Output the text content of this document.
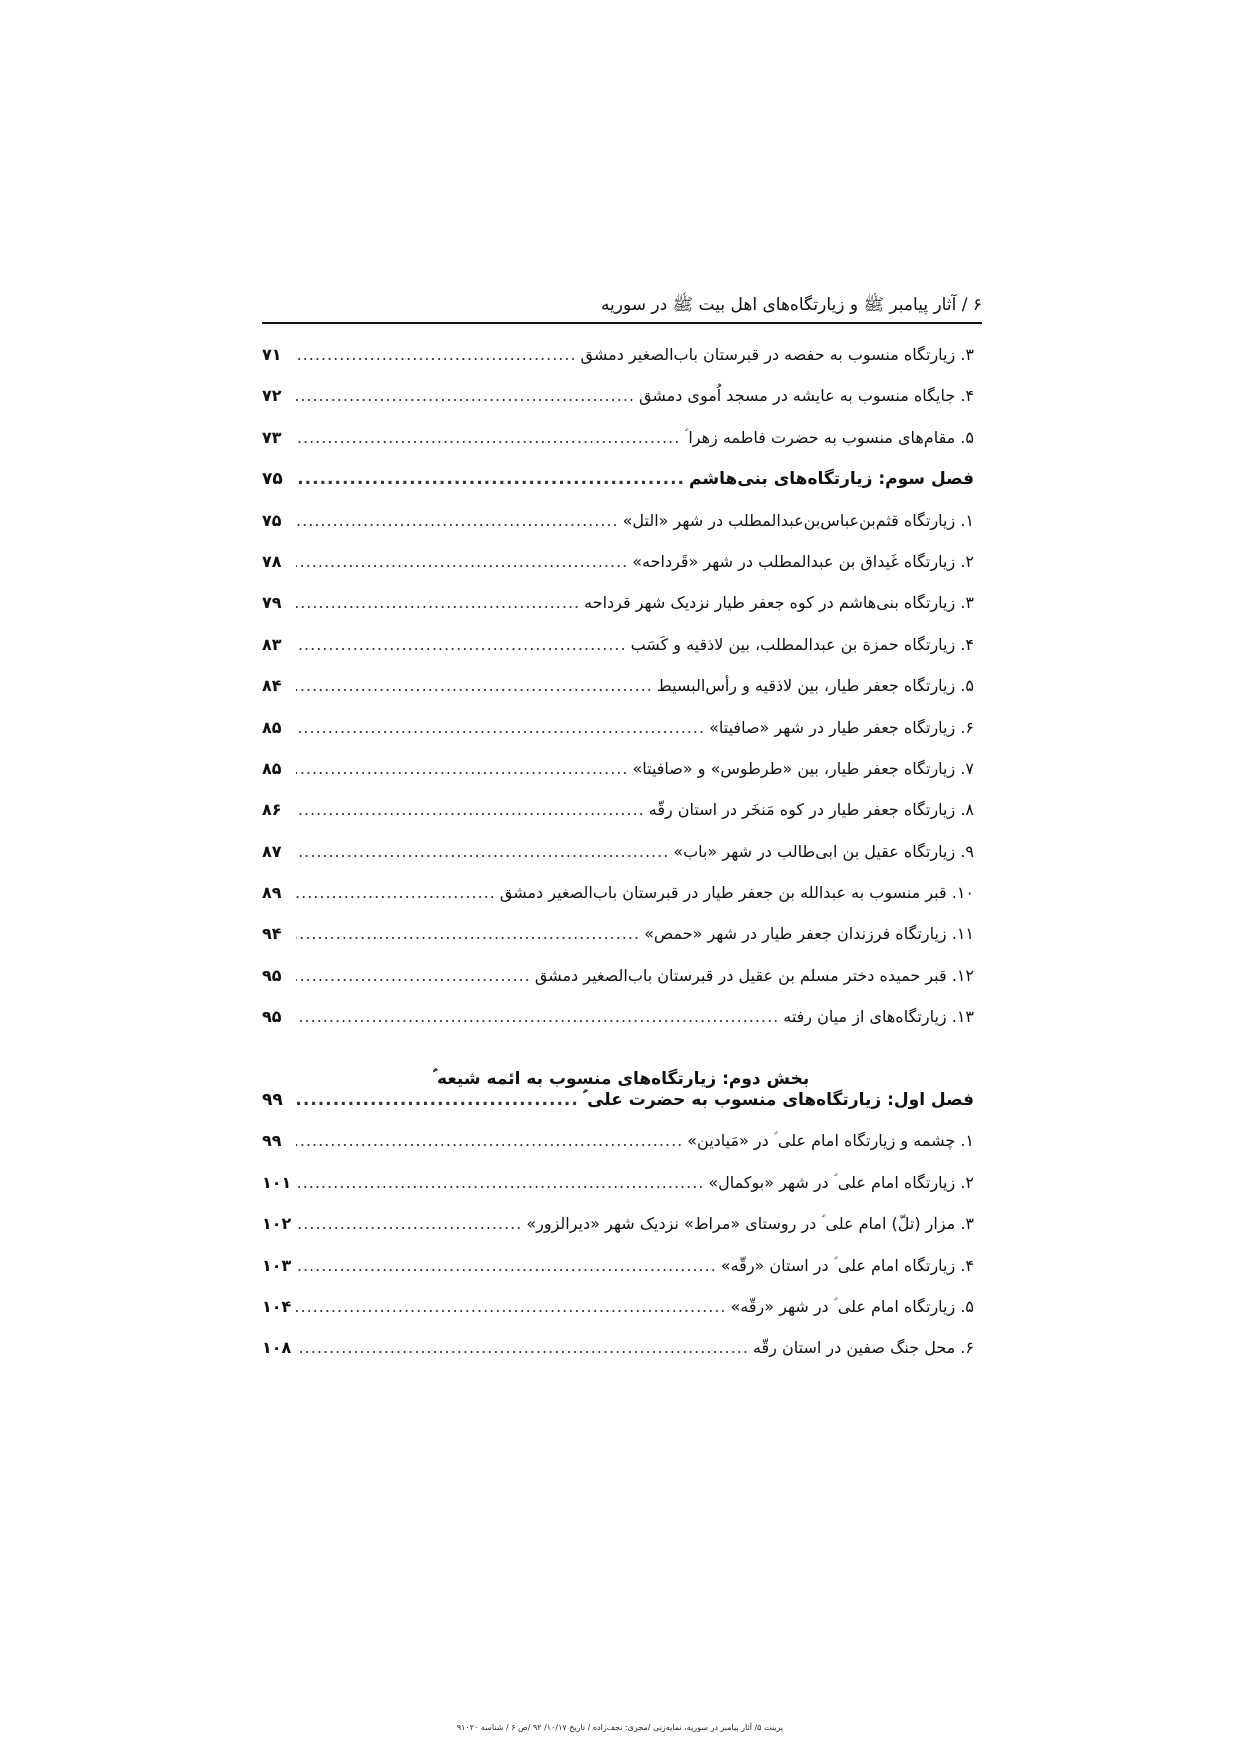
۶ / آثار پیامبر ﷺ و زیارتگاه‌های اهل بیت ﷺ در سوریه
۳. زیارتگاه منسوب به حفصه در قبرستان باب‌الصغیر دمشق
.....
۷۱
۴. جایگاه منسوب به عایشه در مسجد اُموی دمشق
.....
۷۲
۵. مقام‌های منسوب به حضرت فاطمه زهرا ؑ
.....
۷۳
فصل سوم: زیارتگاه‌های بنی‌هاشم
.....
۷۵
۱. زیارتگاه قثم‌بن‌عباس‌بن‌عبدالمطلب در شهر «التل»
.....
۷۵
۲. زیارتگاه غَیداق بن عبدالمطلب در شهر «قَرداحه»
.....
۷۸
۳. زیارتگاه بنی‌هاشم در کوه جعفر طیار نزدیک شهر قرداحه
.....
۷۹
۴. زیارتگاه حمزة بن عبدالمطلب، بین لاذقیه و کَسَب
.....
۸۳
۵. زیارتگاه جعفر طیار، بین لاذقیه و رأس‌البسیط
.....
۸۴
۶. زیارتگاه جعفر طیار در شهر «صافیتا»
.....
۸۵
۷. زیارتگاه جعفر طیار، بین «طرطوس» و «صافیتا»
.....
۸۵
۸. زیارتگاه جعفر طیار در کوه مَنخَر در استان رقّه
.....
۸۶
۹. زیارتگاه عقیل بن ابی‌طالب در شهر «باب»
.....
۸۷
۱۰. قبر منسوب به عبدالله بن جعفر طیار در قبرستان باب‌الصغیر دمشق
.....
۸۹
۱۱. زیارتگاه فرزندان جعفر طیار در شهر «حمص»
.....
۹۴
۱۲. قبر حمیده دختر مسلم بن عقیل در قبرستان باب‌الصغیر دمشق
.....
۹۵
۱۳. زیارتگاه‌های از میان رفته
.....
۹۵
بخش دوم: زیارتگاه‌های منسوب به ائمه شیعه ؑ
فصل اول: زیارتگاه‌های منسوب به حضرت علی ؑ
.....
۹۹
۱. چشمه و زیارتگاه امام علی ؑ در «مَیادین»
.....
۹۹
۲. زیارتگاه امام علی ؑ در شهر «بوکمال»
.....
۱۰۱
۳. مزار (تلّ) امام علی ؑ در روستای «مراط» نزدیک شهر «دیرالزور»
.....
۱۰۲
۴. زیارتگاه امام علی ؑ در استان «رقّه»
.....
۱۰۳
۵. زیارتگاه امام علی ؑ در شهر «رقّه»
.....
۱۰۴
۶. محل جنگ صفین در استان رقّه
.....
۱۰۸
پرینت ۵/ آثار پیامبر در سوریه، نمایه‌زنی /مجری: نجف‌زاده / تاریخ ۱۰/۱۷/ ۹۲ /ص ۶ / شناسه ۹۱۰۲۰
